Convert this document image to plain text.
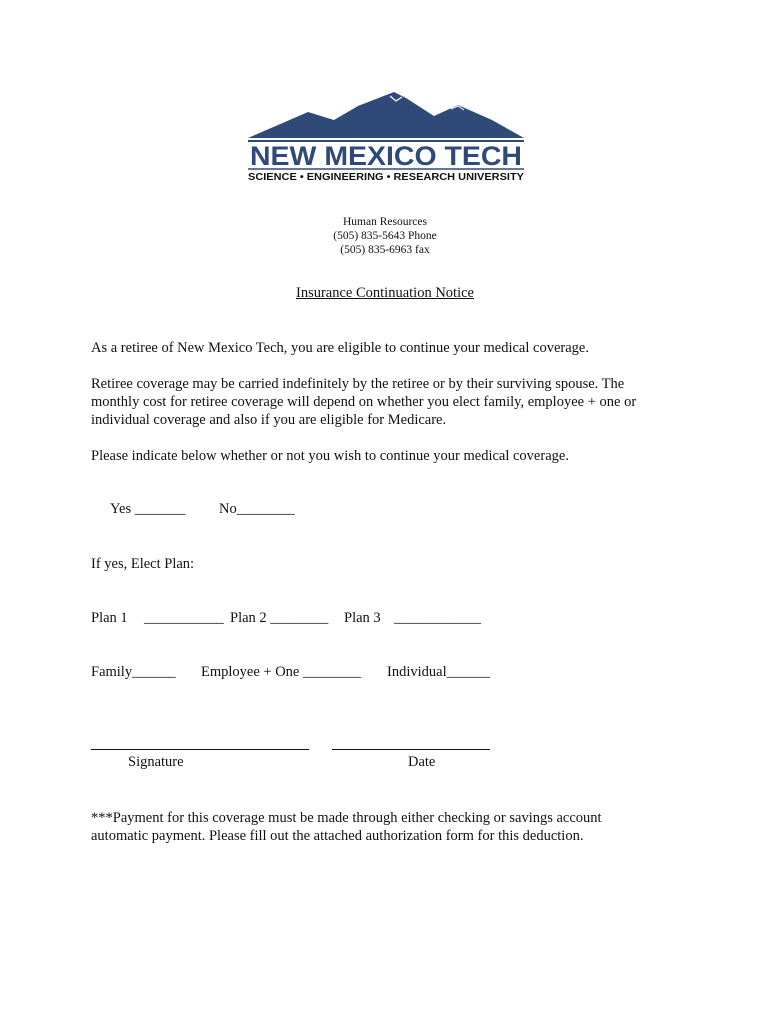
NEW MEXICO TECH
SCIENCE • ENGINEERING • RESEARCH UNIVERSITY
Human Resources
(505) 835-5643 Phone
(505) 835-6963 fax
Insurance Continuation Notice
As a retiree of New Mexico Tech, you are eligible to continue your medical coverage.
Retiree coverage may be carried indefinitely by the retiree or by their surviving spouse. The
monthly cost for retiree coverage will depend on whether you elect family, employee + one or
individual coverage and also if you are eligible for Medicare.
Please indicate below whether or not you wish to continue your medical coverage.
Yes _______ No________
If yes, Elect Plan:
Plan 1 ___________ Plan 2 ________ Plan 3 ____________
Family______ Employee + One ________ Individual______
Signature	Date
***Payment for this coverage must be made through either checking or savings account
automatic payment. Please fill out the attached authorization form for this deduction.
